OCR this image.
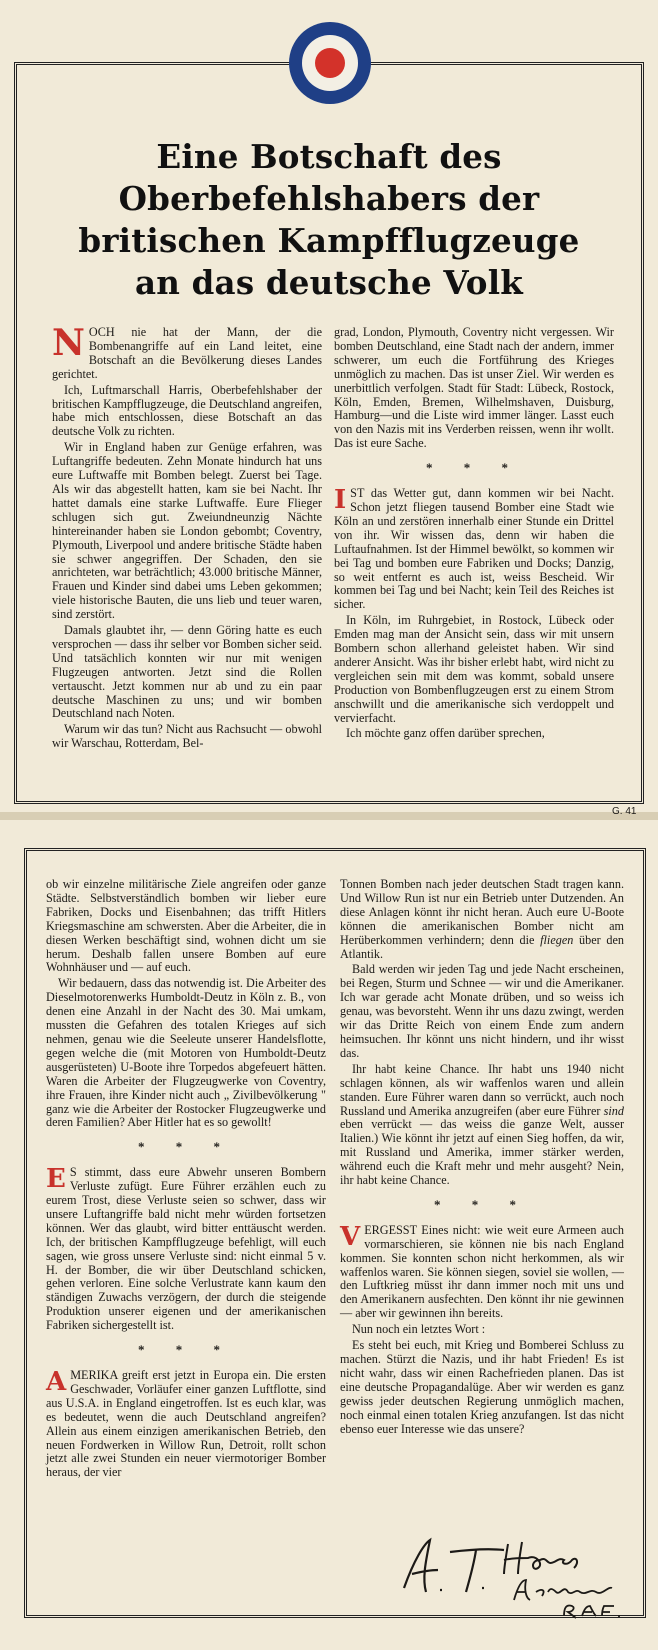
Eine Botschaft des
Oberbefehlshabers der
britischen Kampfflugzeuge
an das deutsche Volk

NOCH nie hat der Mann, der die Bombenangriffe auf ein Land leitet, eine Botschaft an die Bevölkerung dieses Landes gerichtet.

Ich, Luftmarschall Harris, Oberbefehlshaber der britischen Kampfflugzeuge, die Deutschland angreifen, habe mich entschlossen, diese Botschaft an das deutsche Volk zu richten.

Wir in England haben zur Genüge erfahren, was Luftangriffe bedeuten. Zehn Monate hindurch hat uns eure Luftwaffe mit Bomben belegt. Zuerst bei Tage. Als wir das abgestellt hatten, kam sie bei Nacht. Ihr hattet damals eine starke Luftwaffe. Eure Flieger schlugen sich gut. Zweiundneunzig Nächte hintereinander haben sie London gebombt; Coventry, Plymouth, Liverpool und andere britische Städte haben sie schwer angegriffen. Der Schaden, den sie anrichteten, war beträchtlich; 43.000 britische Männer, Frauen und Kinder sind dabei ums Leben gekommen; viele historische Bauten, die uns lieb und teuer waren, sind zerstört.

Damals glaubtet ihr, — denn Göring hatte es euch versprochen — dass ihr selber vor Bomben sicher seid. Und tatsächlich konnten wir nur mit wenigen Flugzeugen antworten. Jetzt sind die Rollen vertauscht. Jetzt kommen nur ab und zu ein paar deutsche Maschinen zu uns; und wir bomben Deutschland nach Noten.

Warum wir das tun? Nicht aus Rachsucht — obwohl wir Warschau, Rotterdam, Bel-

grad, London, Plymouth, Coventry nicht vergessen. Wir bomben Deutschland, eine Stadt nach der andern, immer schwerer, um euch die Fortführung des Krieges unmöglich zu machen. Das ist unser Ziel. Wir werden es unerbittlich verfolgen. Stadt für Stadt: Lübeck, Rostock, Köln, Emden, Bremen, Wilhelmshaven, Duisburg, Hamburg—und die Liste wird immer länger. Lasst euch von den Nazis mit ins Verderben reissen, wenn ihr wollt. Das ist eure Sache.

* * *

IST das Wetter gut, dann kommen wir bei Nacht. Schon jetzt fliegen tausend Bomber eine Stadt wie Köln an und zerstören innerhalb einer Stunde ein Drittel von ihr. Wir wissen das, denn wir haben die Luftaufnahmen. Ist der Himmel bewölkt, so kommen wir bei Tag und bomben eure Fabriken und Docks; Danzig, so weit entfernt es auch ist, weiss Bescheid. Wir kommen bei Tag und bei Nacht; kein Teil des Reiches ist sicher.

In Köln, im Ruhrgebiet, in Rostock, Lübeck oder Emden mag man der Ansicht sein, dass wir mit unsern Bombern schon allerhand geleistet haben. Wir sind anderer Ansicht. Was ihr bisher erlebt habt, wird nicht zu vergleichen sein mit dem was kommt, sobald unsere Production von Bombenflugzeugen erst zu einem Strom anschwillt und die amerikanische sich verdoppelt und vervierfacht.

Ich möchte ganz offen darüber sprechen,

G. 41

ob wir einzelne militärische Ziele angreifen oder ganze Städte. Selbstverständlich bomben wir lieber eure Fabriken, Docks und Eisenbahnen; das trifft Hitlers Kriegsmaschine am schwersten. Aber die Arbeiter, die in diesen Werken beschäftigt sind, wohnen dicht um sie herum. Deshalb fallen unsere Bomben auf eure Wohnhäuser und — auf euch.

Wir bedauern, dass das notwendig ist. Die Arbeiter des Dieselmotorenwerks Humboldt-Deutz in Köln z. B., von denen eine Anzahl in der Nacht des 30. Mai umkam, mussten die Gefahren des totalen Krieges auf sich nehmen, genau wie die Seeleute unserer Handelsflotte, gegen welche die (mit Motoren von Humboldt-Deutz ausgerüsteten) U-Boote ihre Torpedos abgefeuert hätten. Waren die Arbeiter der Flugzeugwerke von Coventry, ihre Frauen, ihre Kinder nicht auch „ Zivilbevölkerung " ganz wie die Arbeiter der Rostocker Flugzeugwerke und deren Familien? Aber Hitler hat es so gewollt!

* * *

E S stimmt, dass eure Abwehr unseren Bombern Verluste zufügt. Eure Führer erzählen euch zu eurem Trost, diese Verluste seien so schwer, dass wir unsere Luftangriffe bald nicht mehr würden fortsetzen können. Wer das glaubt, wird bitter enttäuscht werden. Ich, der britischen Kampfflugzeuge befehligt, will euch sagen, wie gross unsere Verluste sind: nicht einmal 5 v. H. der Bomber, die wir über Deutschland schicken, gehen verloren. Eine solche Verlustrate kann kaum den ständigen Zuwachs verzögern, der durch die steigende Produktion unserer eigenen und der amerikanischen Fabriken sichergestellt ist.

* * *

AMERIKA greift erst jetzt in Europa ein. Die ersten Geschwader, Vorläufer einer ganzen Luftflotte, sind aus U.S.A. in England eingetroffen. Ist es euch klar, was es bedeutet, wenn die auch Deutschland angreifen? Allein aus einem einzigen amerikanischen Betrieb, den neuen Fordwerken in Willow Run, Detroit, rollt schon jetzt alle zwei Stunden ein neuer viermotoriger Bomber heraus, der vier

Tonnen Bomben nach jeder deutschen Stadt tragen kann. Und Willow Run ist nur ein Betrieb unter Dutzenden. An diese Anlagen könnt ihr nicht heran. Auch eure U-Boote können die amerikanischen Bomber nicht am Herüberkommen verhindern; denn die fliegen über den Atlantik.

Bald werden wir jeden Tag und jede Nacht erscheinen, bei Regen, Sturm und Schnee — wir und die Amerikaner. Ich war gerade acht Monate drüben, und so weiss ich genau, was bevorsteht. Wenn ihr uns dazu zwingt, werden wir das Dritte Reich von einem Ende zum andern heimsuchen. Ihr könnt uns nicht hindern, und ihr wisst das.

Ihr habt keine Chance. Ihr habt uns 1940 nicht schlagen können, als wir waffenlos waren und allein standen. Eure Führer waren dann so verrückt, auch noch Russland und Amerika anzugreifen (aber eure Führer sind eben verrückt — das weiss die ganze Welt, ausser Italien.) Wie könnt ihr jetzt auf einen Sieg hoffen, da wir, mit Russland und Amerika, immer stärker werden, während euch die Kraft mehr und mehr ausgeht? Nein, ihr habt keine Chance.

* * *

VERGESST Eines nicht: wie weit eure Armeen auch vormarschieren, sie können nie bis nach England kommen. Sie konnten schon nicht herkommen, als wir waffenlos waren. Sie können siegen, soviel sie wollen, — den Luftkrieg müsst ihr dann immer noch mit uns und den Amerikanern ausfechten. Den könnt ihr nie gewinnen — aber wir gewinnen ihn bereits.

Nun noch ein letztes Wort :

Es steht bei euch, mit Krieg und Bomberei Schluss zu machen. Stürzt die Nazis, und ihr habt Frieden! Es ist nicht wahr, dass wir einen Rachefrieden planen. Das ist eine deutsche Propagandalüge. Aber wir werden es ganz gewiss jeder deutschen Regierung unmöglich machen, noch einmal einen totalen Krieg anzufangen. Ist das nicht ebenso euer Interesse wie das unsere?
